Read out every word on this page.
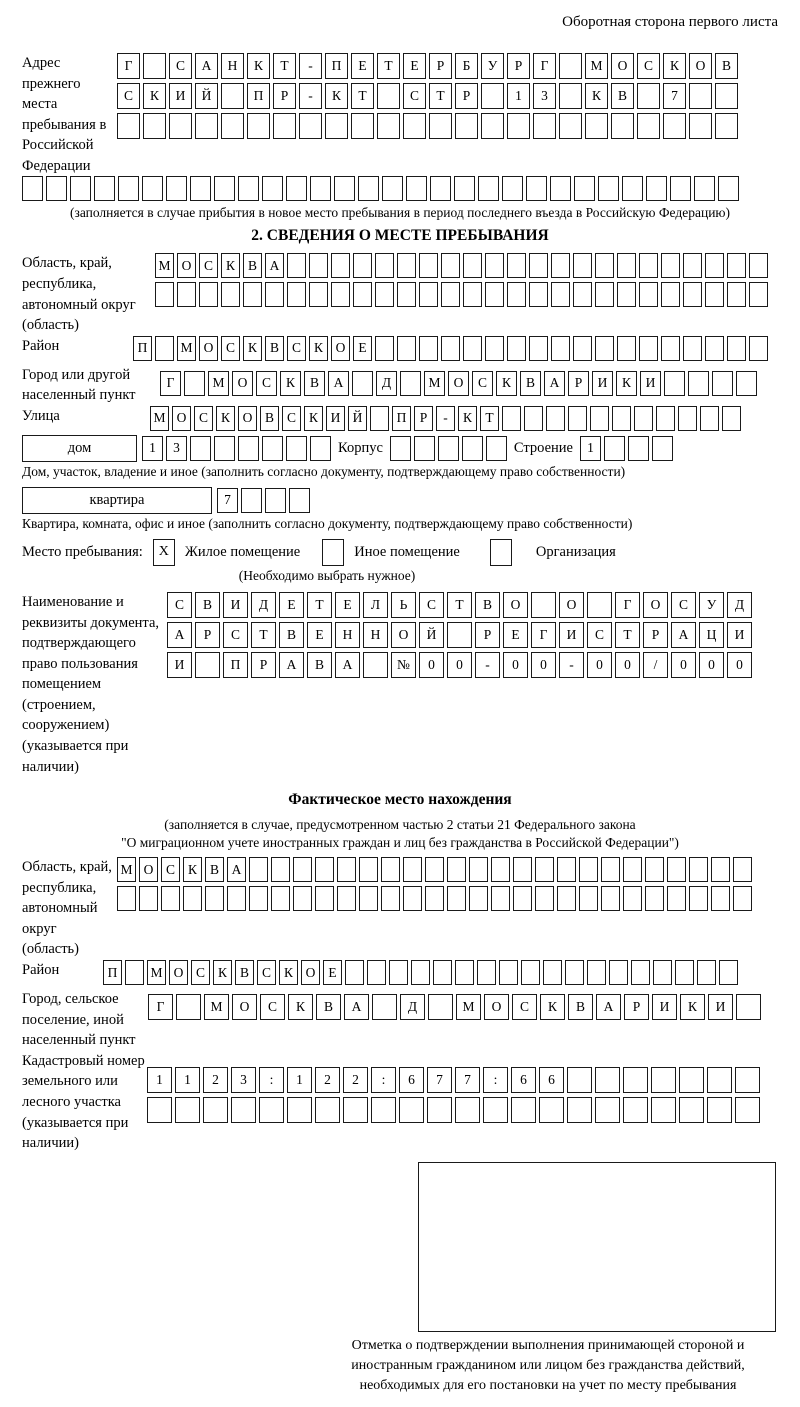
Оборотная сторона первого листа
Адрес прежнего места пребывания в Российской Федерации
Г	С	А	Н	К	Т	-	П	Е	Т	Е	Р	Б	У	Р	Г	М	О	С	К	О	В
С	К	И	Й	П	Р	-	К	Т	С	Т	Р	1	3	К	В	7
(заполняется в случае прибытия в новое место пребывания в период последнего въезда в Российскую Федерацию)
2. СВЕДЕНИЯ О МЕСТЕ ПРЕБЫВАНИЯ
Область, край, республика, автономный округ (область)
М О С К В А
Район	П	М О С К В С К О Е
Город или другой населенный пункт
Г	М О	С	К	В	А	Д	М О	С	К	В	А	Р	И	К	И
Улица	М О С К О В С К И Й	П Р	-	К Т
дом	1	3	Корпус	Строение	1
Дом, участок, владение и иное (заполнить согласно документу, подтверждающему право собственности)
квартира	7
Квартира, комната, офис и иное (заполнить согласно документу, подтверждающему право собственности)
Место пребывания:	X	Жилое помещение	Иное помещение	Организация
(Необходимо выбрать нужное)
Наименование и реквизиты документа, подтверждающего право пользования помещением (строением, сооружением) (указывается при наличии)
С	В	И	Д	Е	Т	Е	Л	Ь	С	Т	В	О	О	Г	О	С	У	Д
А	Р	С	Т	В	Е	Н	Н	О	Й	Р	Е	Г	И	С	Т	Р	А	Ц	И
И	П	Р	А	В	А	№	0	0	-	0	0	-	0	0	/	0	0	0
Фактическое место нахождения
(заполняется в случае, предусмотренном частью 2 статьи 21 Федерального закона
"О миграционном учете иностранных граждан и лиц без гражданства в Российской Федерации")
Область, край, республика, автономный округ (область)
М О С К В А
Район	П	М О С К В С К О Е
Город, сельское поселение, иной населенный пункт
Г	М	О	С	К	В	А	Д	М	О	С	К	В	А	Р	И	К	И
Кадастровый номер земельного или лесного участка (указывается при наличии)
1	1	2	3	:	1	2	2	:	6	7	7	:	6	6
Отметка о подтверждении выполнения принимающей стороной и иностранным гражданином или лицом без гражданства действий, необходимых для его постановки на учет по месту пребывания
